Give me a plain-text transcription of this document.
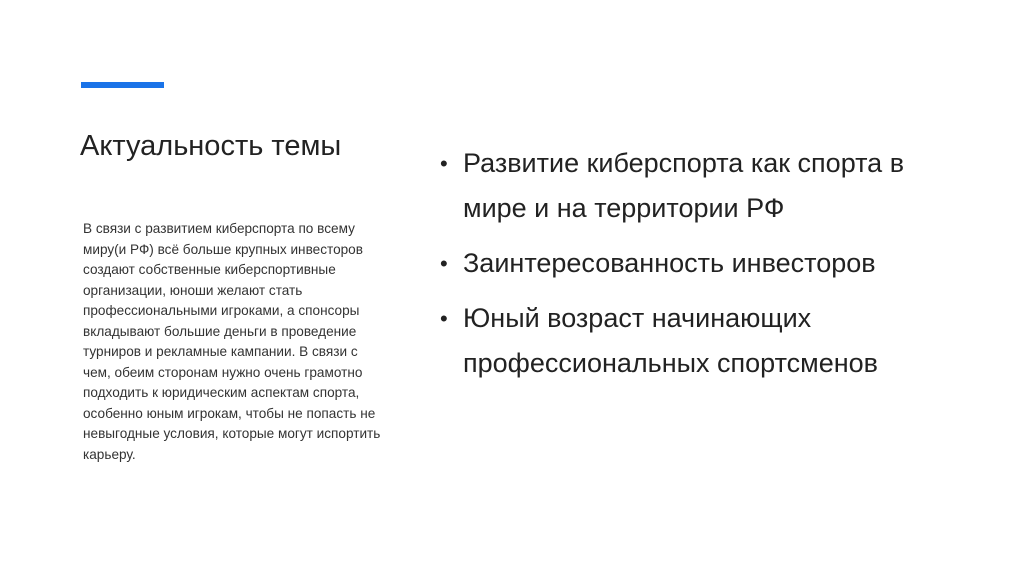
Актуальность темы

В связи с развитием киберспорта по всему миру(и РФ) всё больше крупных инвесторов создают собственные киберспортивные организации, юноши желают стать профессиональными игроками, а спонсоры вкладывают большие деньги в проведение турниров и рекламные кампании. В связи с чем, обеим сторонам нужно очень грамотно подходить к юридическим аспектам спорта, особенно юным игрокам, чтобы не попасть не невыгодные условия, которые могут испортить карьеру.

• Развитие киберспорта как спорта в мире и на территории РФ
• Заинтересованность инвесторов
• Юный возраст начинающих профессиональных спортсменов
